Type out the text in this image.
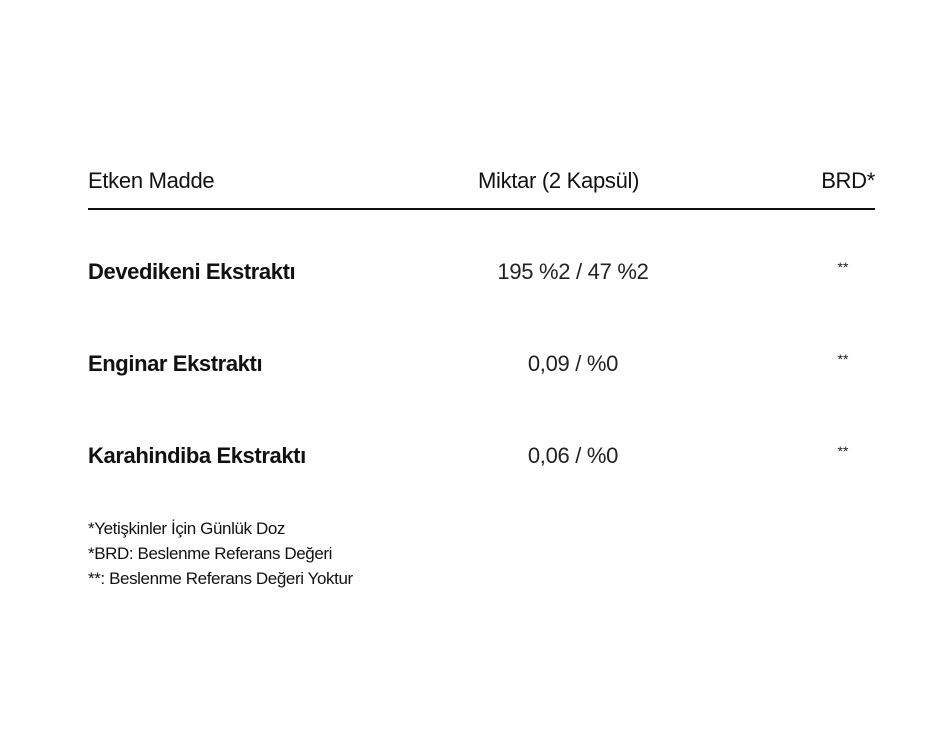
Etken Madde	Miktar (2 Kapsül)	BRD*
Devedikeni Ekstraktı	195 %2 / 47 %2	**
Enginar Ekstraktı	0,09 / %0	**
Karahindiba Ekstraktı	0,06 / %0	**
*Yetişkinler İçin Günlük Doz
*BRD: Beslenme Referans Değeri
**: Beslenme Referans Değeri Yoktur
